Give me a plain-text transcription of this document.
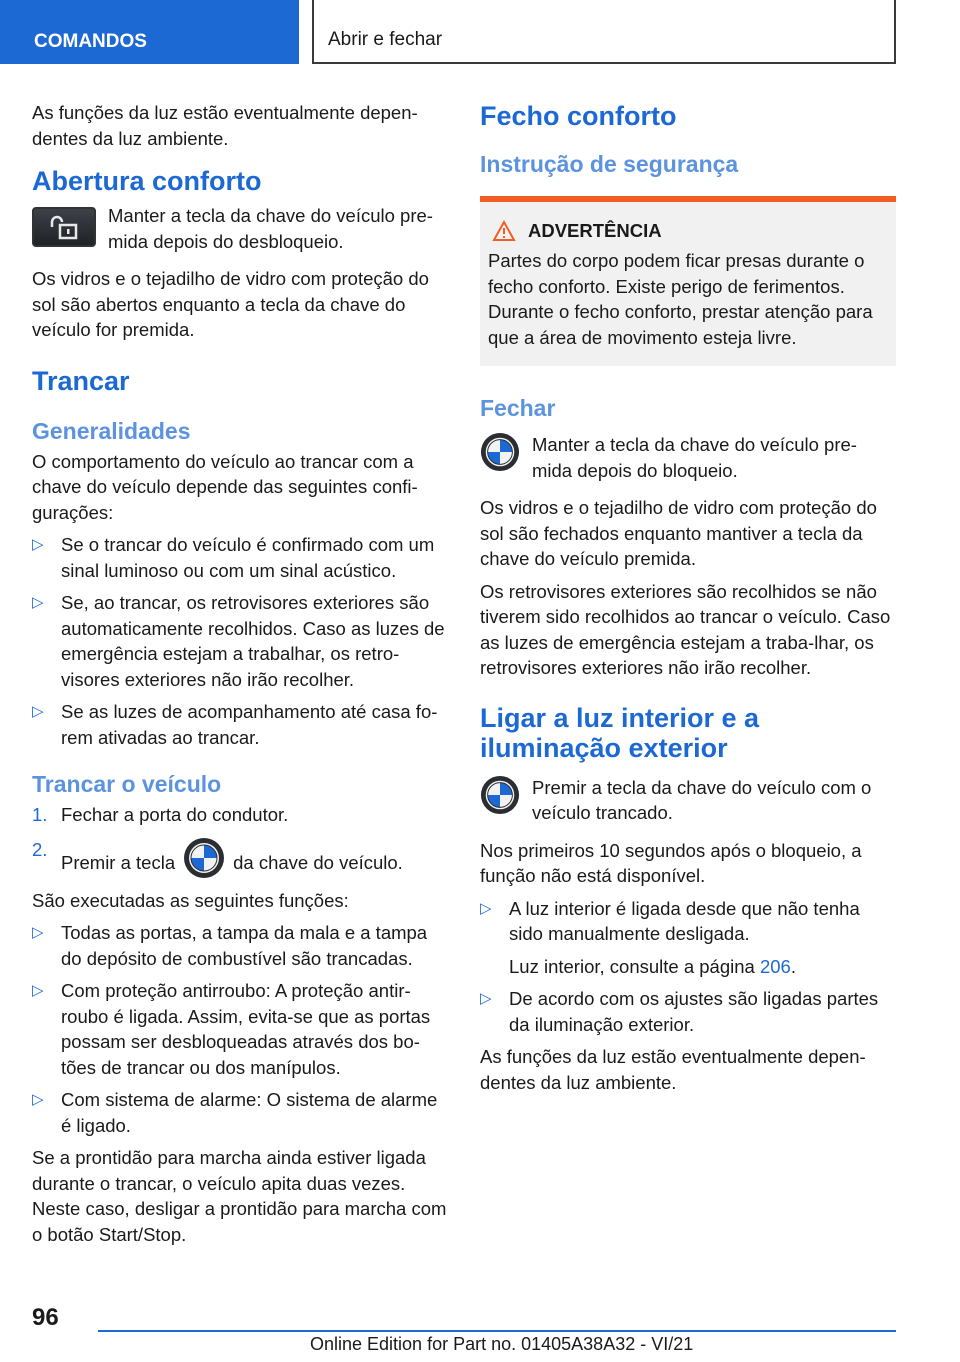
COMANDOS	Abrir e fechar

As funções da luz estão eventualmente depen-dentes da luz ambiente.

Abertura conforto
Manter a tecla da chave do veículo pre-mida depois do desbloqueio.

Os vidros e o tejadilho de vidro com proteção do sol são abertos enquanto a tecla da chave do veículo for premida.

Trancar
Generalidades

O comportamento do veículo ao trancar com a chave do veículo depende das seguintes confi-gurações:

▷ Se o trancar do veículo é confirmado com um sinal luminoso ou com um sinal acústico.
▷ Se, ao trancar, os retrovisores exteriores são automaticamente recolhidos. Caso as luzes de emergência estejam a trabalhar, os retro-visores exteriores não irão recolher.
▷ Se as luzes de acompanhamento até casa fo-rem ativadas ao trancar.
Trancar o veículo
1. Fechar a porta do condutor.
2.
Premir a tecla	da chave do veículo.

São executadas as seguintes funções:

▷ Todas as portas, a tampa da mala e a tampa do depósito de combustível são trancadas.
▷ Com proteção antirroubo: A proteção antir-roubo é ligada. Assim, evita-se que as portas possam ser desbloqueadas através dos bo-tões de trancar ou dos manípulos.
▷ Com sistema de alarme: O sistema de alarme é ligado.

Se a prontidão para marcha ainda estiver ligada durante o trancar, o veículo apita duas vezes. Neste caso, desligar a prontidão para marcha com o botão Start/Stop.

Fecho conforto
Instrução de segurança
ADVERTÊNCIA

Partes do corpo podem ficar presas durante o fecho conforto. Existe perigo de ferimentos. Durante o fecho conforto, prestar atenção para que a área de movimento esteja livre.

Fechar
Manter a tecla da chave do veículo pre-mida depois do bloqueio.

Os vidros e o tejadilho de vidro com proteção do sol são fechados enquanto mantiver a tecla da chave do veículo premida.

Os retrovisores exteriores são recolhidos se não tiverem sido recolhidos ao trancar o veículo. Caso as luzes de emergência estejam a traba-lhar, os retrovisores exteriores não irão recolher.

Ligar a luz interior e a iluminação exterior
Premir a tecla da chave do veículo com o veículo trancado.

Nos primeiros 10 segundos após o bloqueio, a função não está disponível.

▷ A luz interior é ligada desde que não tenha sido manualmente desligada.
Luz interior, consulte a página 206.
▷ De acordo com os ajustes são ligadas partes da iluminação exterior.

As funções da luz estão eventualmente depen-dentes da luz ambiente.

96
Online Edition for Part no. 01405A38A32 - VI/21
